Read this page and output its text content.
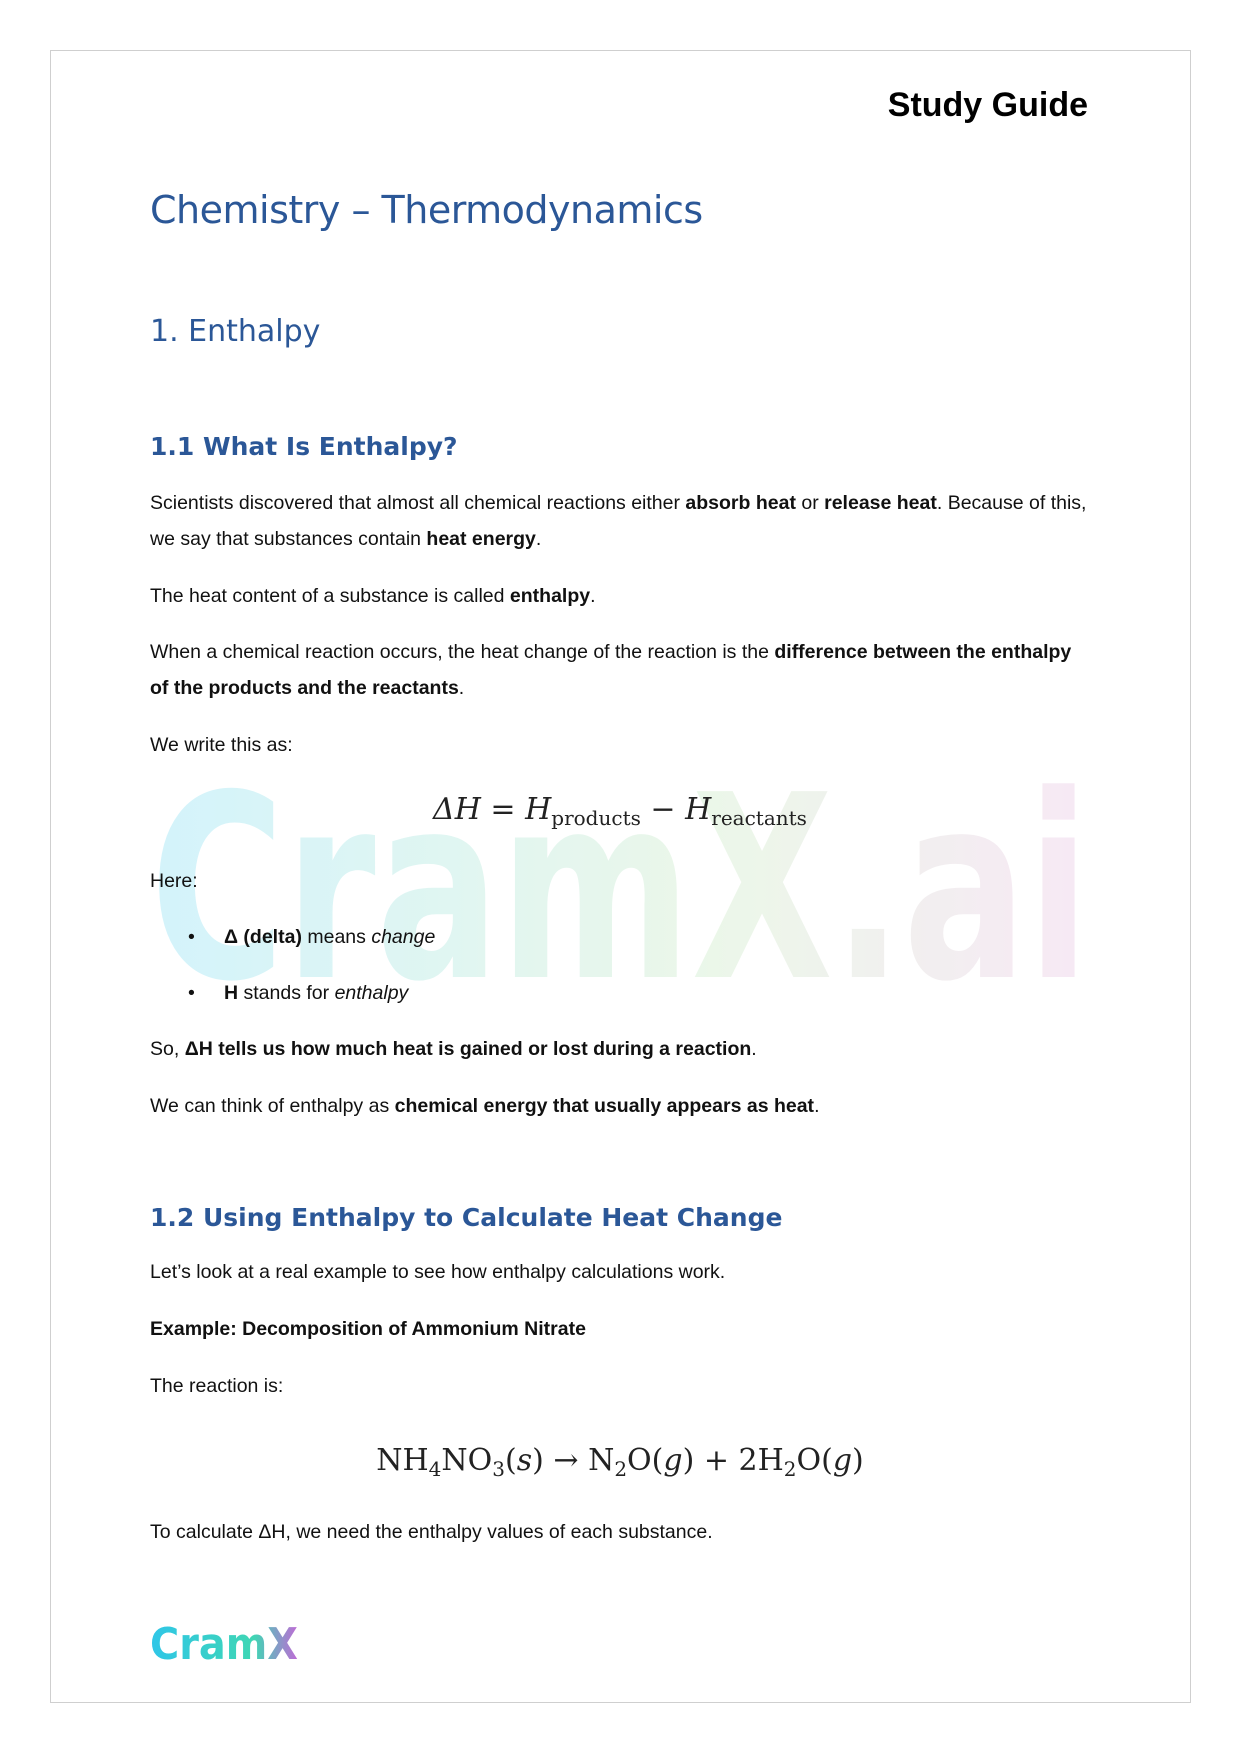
CramX.ai
Study Guide
Chemistry – Thermodynamics
1. Enthalpy
1.1 What Is Enthalpy?

Scientists discovered that almost all chemical reactions either absorb heat or release heat. Because of this, we say that substances contain heat energy.

The heat content of a substance is called enthalpy.

When a chemical reaction occurs, the heat change of the reaction is the difference between the enthalpy of the products and the reactants.

We write this as:

$\Delta H = H_{products} - H_{reactants}$

Here:

• Δ (delta) means change
• H stands for enthalpy

So, ΔH tells us how much heat is gained or lost during a reaction.

We can think of enthalpy as chemical energy that usually appears as heat.

1.2 Using Enthalpy to Calculate Heat Change

Let’s look at a real example to see how enthalpy calculations work.

Example: Decomposition of Ammonium Nitrate

The reaction is:

$NH_4NO_3(s) \to N_2O(g) + 2H_2O(g)$

To calculate ΔH, we need the enthalpy values of each substance.

CramX
